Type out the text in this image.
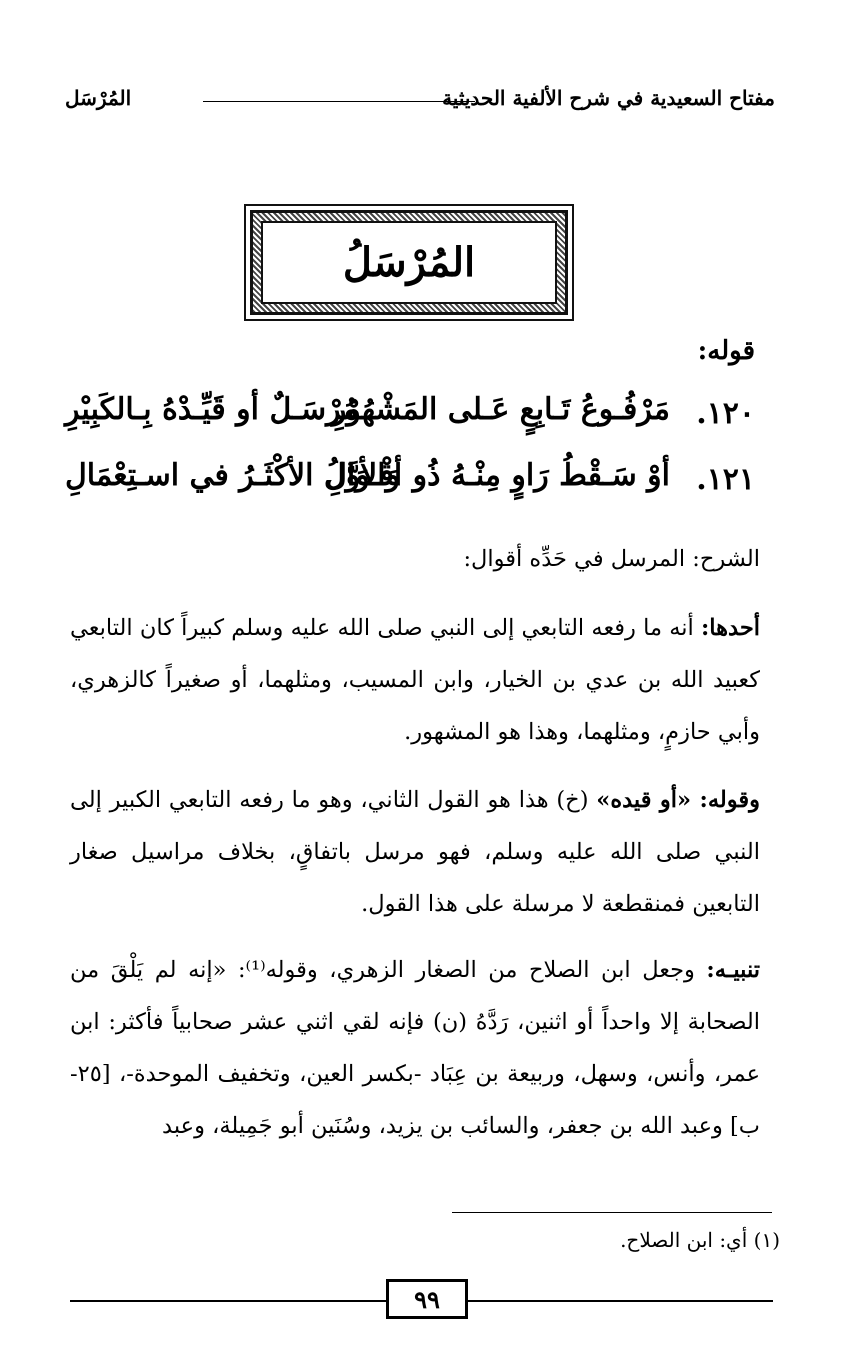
مفتاح السعيدية في شرح الألفية الحديثية
المُرْسَل
المُرْسَلُ
قوله:
١٢٠.
مَرْفُـوعُ تَـابِعٍ عَـلى المَشْهُوْرِ
مُرْسَـلٌ أو قَيِّـدْهُ بِـالكَبِيْرِ
١٢١.
أوْ سَـقْطُ رَاوٍ مِنْـهُ ذُو أقْـوَالِ
وَالأوَّلُ الأكْثَـرُ في اسـتِعْمَالِ
الشرح: المرسل في حَدِّه أقوال:
أحدها: أنه ما رفعه التابعي إلى النبي صلى الله عليه وسلم كبيراً كان التابعي كعبيد الله بن عدي بن الخيار، وابن المسيب، ومثلهما، أو صغيراً كالزهري، وأبي حازمٍ، ومثلهما، وهذا هو المشهور.
وقوله: «أو قيده» (خ) هذا هو القول الثاني، وهو ما رفعه التابعي الكبير إلى النبي صلى الله عليه وسلم، فهو مرسل باتفاقٍ، بخلاف مراسيل صغار التابعين فمنقطعة لا مرسلة على هذا القول.
تنبيـه: وجعل ابن الصلاح من الصغار الزهري، وقوله⁽¹⁾: «إنه لم يَلْقَ من الصحابة إلا واحداً أو اثنين، رَدَّهُ (ن) فإنه لقي اثني عشر صحابياً فأكثر: ابن عمر، وأنس، وسهل، وربيعة بن عِبَاد -بكسر العين، وتخفيف الموحدة-، [٢٥-ب] وعبد الله بن جعفر، والسائب بن يزيد، وسُنَين أبو جَمِيلة، وعبد
(١) أي: ابن الصلاح.
٩٩
